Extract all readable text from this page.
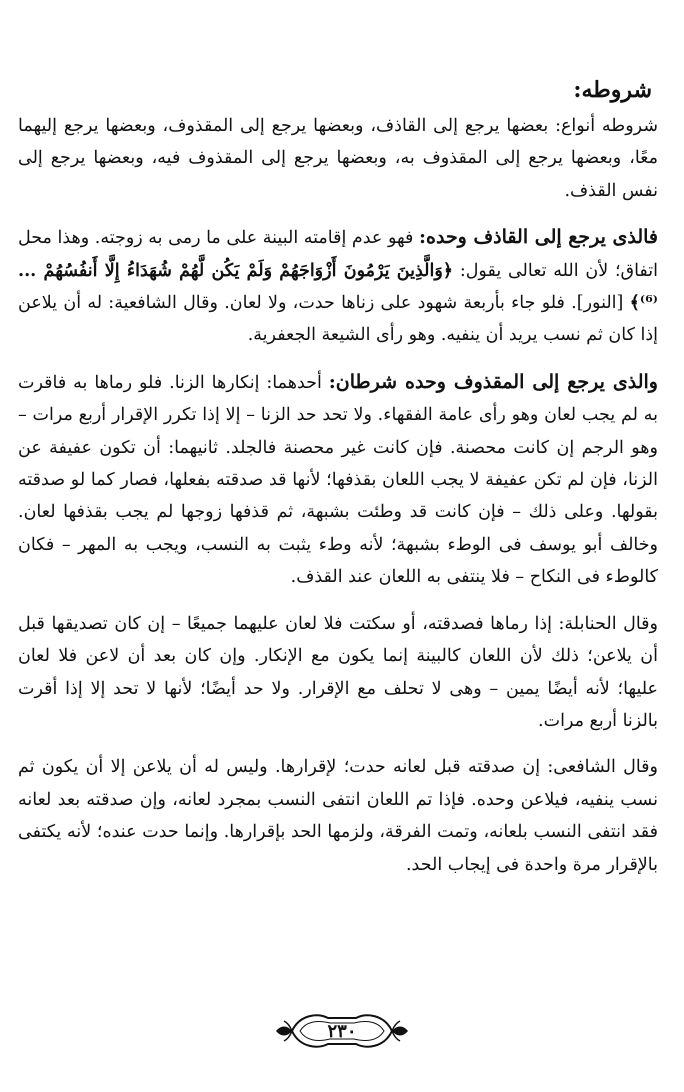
شروطه:

شروطه أنواع: بعضها يرجع إلى القاذف، وبعضها يرجع إلى المقذوف، وبعضها يرجع إليهما معًا، وبعضها يرجع إلى المقذوف به، وبعضها يرجع إلى المقذوف فيه، وبعضها يرجع إلى نفس القذف.

فالذى يرجع إلى القاذف وحده: فهو عدم إقامته البينة على ما رمى به زوجته. وهذا محل اتفاق؛ لأن الله تعالى يقول: ﴿وَالَّذِينَ يَرْمُونَ أَزْوَاجَهُمْ وَلَمْ يَكُن لَّهُمْ شُهَدَاءُ إِلَّا أَنفُسُهُمْ ...⁽⁶⁾﴾ [النور]. فلو جاء بأربعة شهود على زناها حدت، ولا لعان. وقال الشافعية: له أن يلاعن إذا كان ثم نسب يريد أن ينفيه. وهو رأى الشيعة الجعفرية.

والذى يرجع إلى المقذوف وحده شرطان: أحدهما: إنكارها الزنا. فلو رماها به فاقرت به لم يجب لعان وهو رأى عامة الفقهاء. ولا تحد حد الزنا – إلا إذا تكرر الإقرار أربع مرات – وهو الرجم إن كانت محصنة. فإن كانت غير محصنة فالجلد. ثانيهما: أن تكون عفيفة عن الزنا، فإن لم تكن عفيفة لا يجب اللعان بقذفها؛ لأنها قد صدقته بفعلها، فصار كما لو صدقته بقولها. وعلى ذلك – فإن كانت قد وطئت بشبهة، ثم قذفها زوجها لم يجب بقذفها لعان. وخالف أبو يوسف فى الوطء بشبهة؛ لأنه وطء يثبت به النسب، ويجب به المهر – فكان كالوطء فى النكاح – فلا ينتفى به اللعان عند القذف.

وقال الحنابلة: إذا رماها فصدقته، أو سكتت فلا لعان عليهما جميعًا – إن كان تصديقها قبل أن يلاعن؛ ذلك لأن اللعان كالبينة إنما يكون مع الإنكار. وإن كان بعد أن لاعن فلا لعان عليها؛ لأنه أيضًا يمين – وهى لا تحلف مع الإقرار. ولا حد أيضًا؛ لأنها لا تحد إلا إذا أقرت بالزنا أربع مرات.

وقال الشافعى: إن صدقته قبل لعانه حدت؛ لإقرارها. وليس له أن يلاعن إلا أن يكون ثم نسب ينفيه، فيلاعن وحده. فإذا تم اللعان انتفى النسب بمجرد لعانه، وإن صدقته بعد لعانه فقد انتفى النسب بلعانه، وتمت الفرقة، ولزمها الحد بإقرارها. وإنما حدت عنده؛ لأنه يكتفى بالإقرار مرة واحدة فى إيجاب الحد.

٢٣٠
